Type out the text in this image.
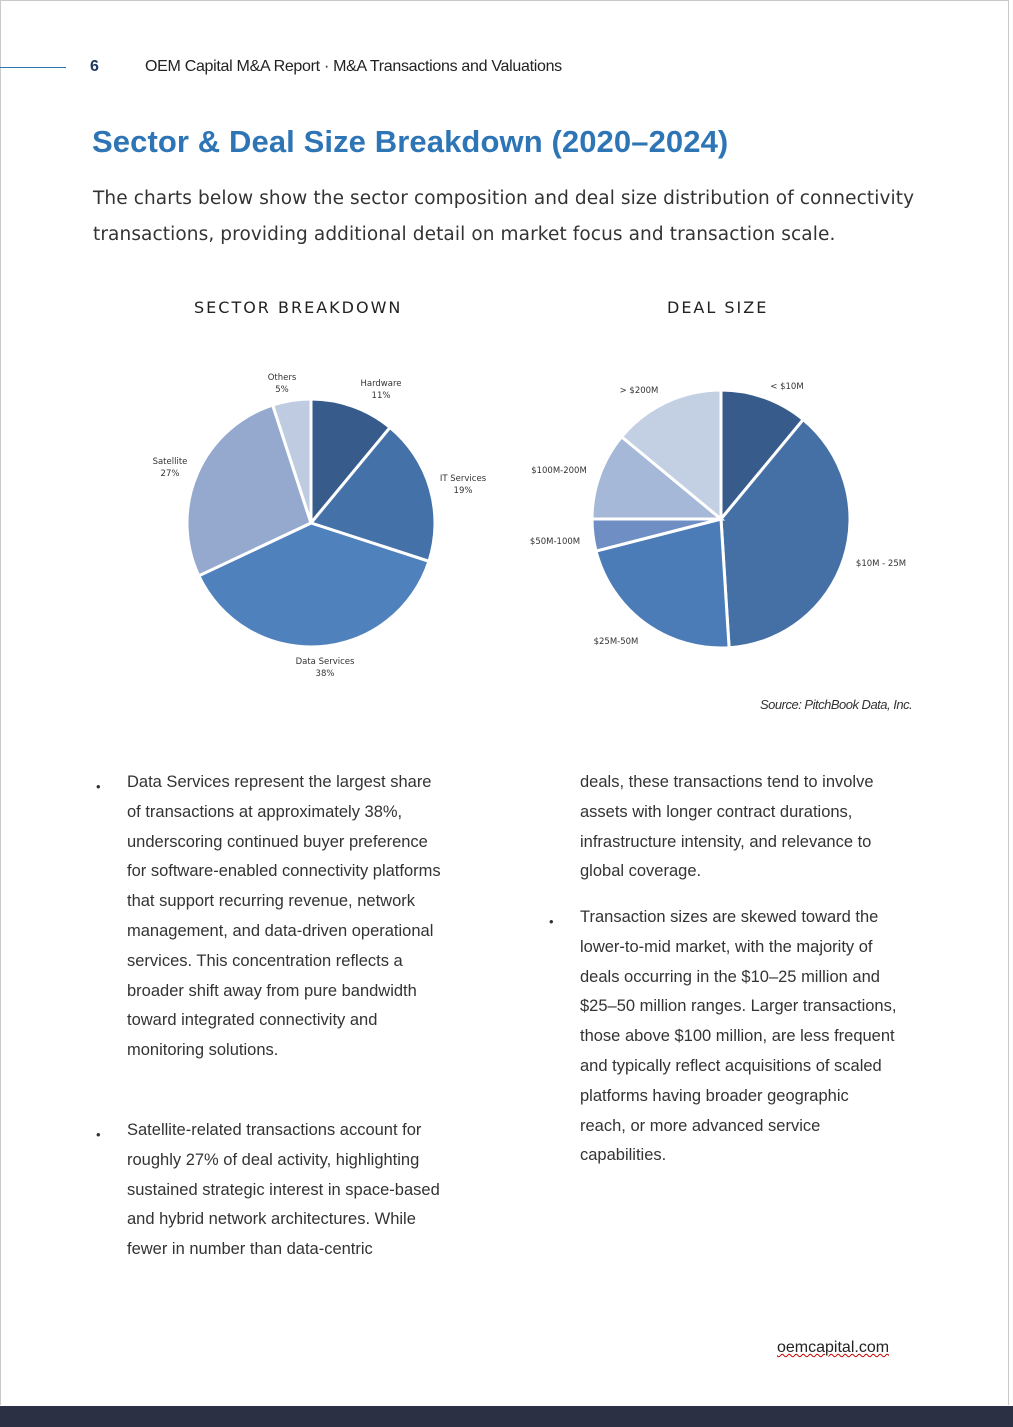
6	OEM Capital M&A Report · M&A Transactions and Valuations
Sector & Deal Size Breakdown (2020–2024)
The charts below show the sector composition and deal size distribution of connectivity transactions, providing additional detail on market focus and transaction scale.
SECTOR BREAKDOWN	DEAL SIZE
Hardware
11%
IT Services
19%
Data Services
38%
Satellite
27%
Others
5%	< $10M
$10M - 25M
$25M-50M
$50M-100M
$100M-200M
> $200M
Source: PitchBook Data, Inc.
• Data Services represent the largest share of transactions at approximately 38%, underscoring continued buyer preference for software-enabled connectivity platforms that support recurring revenue, network management, and data-driven operational services. This concentration reflects a broader shift away from pure bandwidth toward integrated connectivity and monitoring solutions.
• Satellite-related transactions account for roughly 27% of deal activity, highlighting sustained strategic interest in space-based and hybrid network architectures. While fewer in number than data-centric
deals, these transactions tend to involve assets with longer contract durations, infrastructure intensity, and relevance to global coverage.
• Transaction sizes are skewed toward the lower-to-mid market, with the majority of deals occurring in the $10–25 million and $25–50 million ranges. Larger transactions, those above $100 million, are less frequent and typically reflect acquisitions of scaled platforms having broader geographic reach, or more advanced service capabilities.
oemcapital.com
